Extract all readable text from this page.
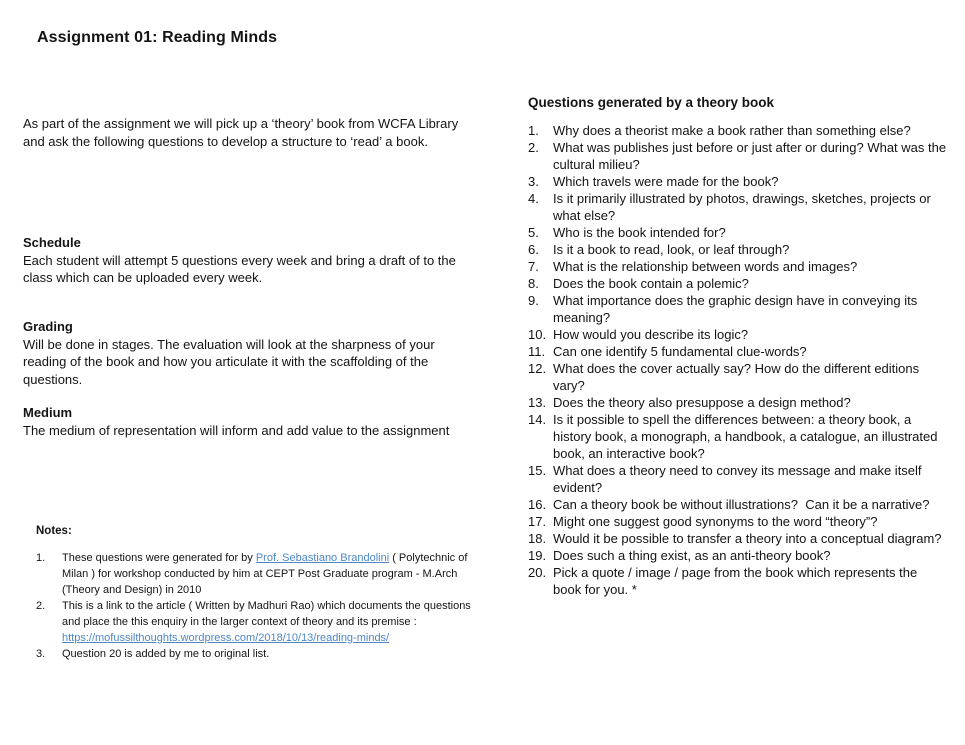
Assignment 01: Reading Minds

As part of the assignment we will pick up a ‘theory’ book from WCFA Library and ask the following questions to develop a structure to ‘read’ a book.

Schedule
Each student will attempt 5 questions every week and bring a draft of to the class which can be uploaded every week.
Grading
Will be done in stages. The evaluation will look at the sharpness of your reading of the book and how you articulate it with the scaffolding of the questions.
Medium
The medium of representation will inform and add value to the assignment
Notes:
1.	These questions were generated for by Prof. Sebastiano Brandolini ( Polytechnic of Milan ) for workshop conducted by him at CEPT Post Graduate program - M.Arch (Theory and Design) in 2010
2.	This is a link to the article ( Written by Madhuri Rao) which documents the questions and place the this enquiry in the larger context of theory and its premise : https://mofussilthoughts.wordpress.com/2018/10/13/reading-minds/
3.	Question 20 is added by me to original list.
Questions generated by a theory book
1.	Why does a theorist make a book rather than something else?
2.	What was publishes just before or just after or during? What was the cultural milieu?
3.	Which travels were made for the book?
4.	Is it primarily illustrated by photos, drawings, sketches, projects or what else?
5.	Who is the book intended for?
6.	Is it a book to read, look, or leaf through?
7.	What is the relationship between words and images?
8.	Does the book contain a polemic?
9.	What importance does the graphic design have in conveying its meaning?
10. How would you describe its logic?
11. Can one identify 5 fundamental clue-words?
12. What does the cover actually say? How do the different editions vary?
13. Does the theory also presuppose a design method?
14. Is it possible to spell the differences between: a theory book, a history book, a monograph, a handbook, a catalogue, an illustrated book, an interactive book?
15. What does a theory need to convey its message and make itself evident?
16. Can a theory book be without illustrations?  Can it be a narrative?
17. Might one suggest good synonyms to the word “theory”?
18. Would it be possible to transfer a theory into a conceptual diagram?
19. Does such a thing exist, as an anti-theory book?
20. Pick a quote / image / page from the book which represents the book for you. *
